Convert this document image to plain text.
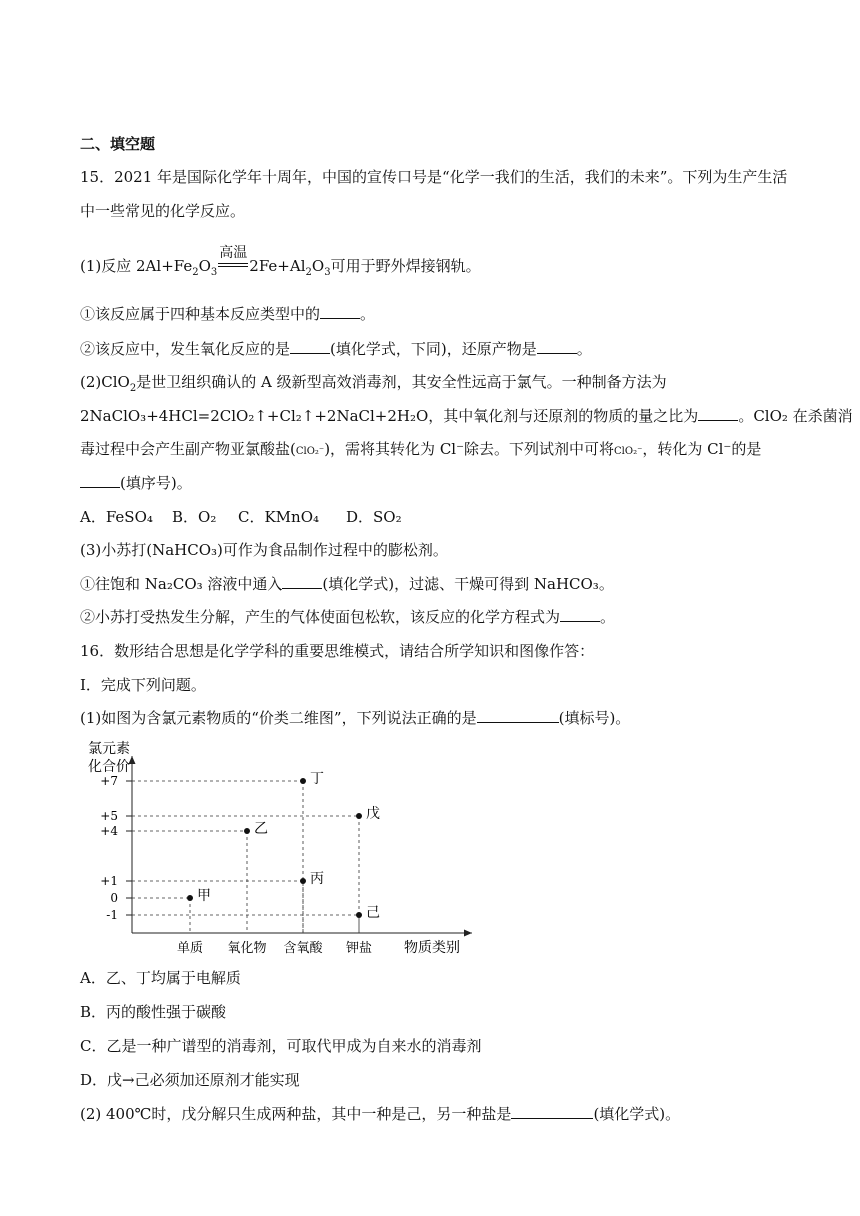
二、填空题
15．2021 年是国际化学年十周年，中国的宣传口号是“化学一我们的生活，我们的未来”。下列为生产生活
中一些常见的化学反应。
(1)反应 $2Al+Fe_2O_3$
高温
$2Fe+Al_2O_3$可用于野外焊接钢轨。
①该反应属于四种基本反应类型中的	。
②该反应中，发生氧化反应的是	(填化学式，下同)，还原产物是	。
(2)ClO$_2$是世卫组织确认的 A 级新型高效消毒剂，其安全性远高于氯气。一种制备方法为
2NaClO₃+4HCl=2ClO₂↑+Cl₂↑+2NaCl+2H₂O，其中氧化剂与还原剂的物质的量之比为	。ClO₂ 在杀菌消
毒过程中会产生副产物亚氯酸盐(ClO₂⁻)，需将其转化为 Cl⁻除去。下列试剂中可将ClO₂⁻，转化为 Cl⁻的是
(填序号)。
A．FeSO₄ B．O₂ C．KMnO₄ D．SO₂
(3)小苏打(NaHCO₃)可作为食品制作过程中的膨松剂。
①往饱和 Na₂CO₃ 溶液中通入	(填化学式)，过滤、干燥可得到 NaHCO₃。
②小苏打受热发生分解，产生的气体使面包松软，该反应的化学方程式为	。
16．数形结合思想是化学学科的重要思维模式，请结合所学知识和图像作答：
I．完成下列问题。
(1)如图为含氯元素物质的“价类二维图”，下列说法正确的是	(填标号)。
+7
+5
+4
+1
0
-1
单质 氧化物 含氧酸 钾盐
甲
乙
丙
丁
戊
己
氯元素
化合价
物质类别
A．乙、丁均属于电解质
B．丙的酸性强于碳酸
C．乙是一种广谱型的消毒剂，可取代甲成为自来水的消毒剂
D．戊→己必须加还原剂才能实现
(2) 400℃时，戊分解只生成两种盐，其中一种是己，另一种盐是	(填化学式)。
